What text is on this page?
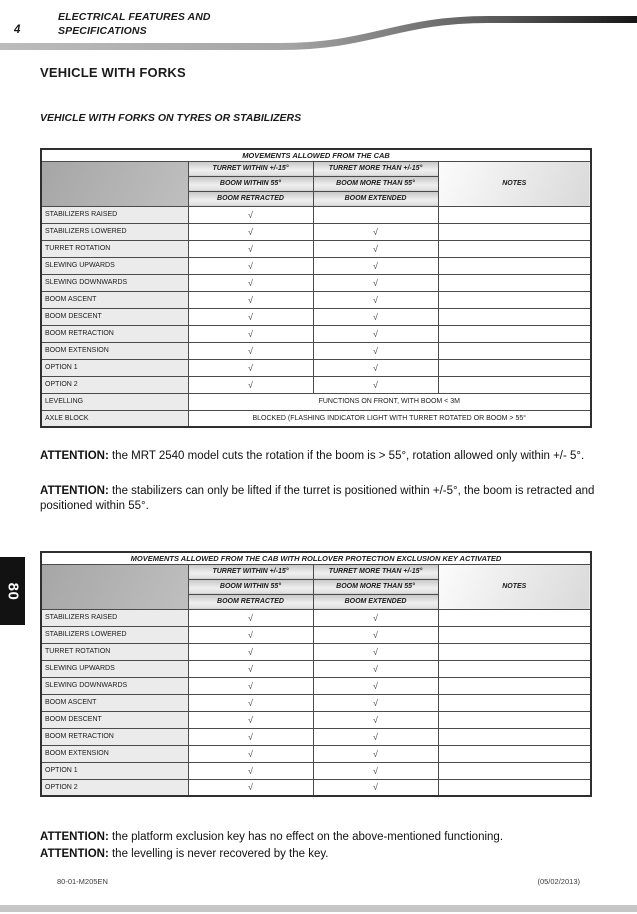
4
ELECTRICAL FEATURES AND
SPECIFICATIONS
80
VEHICLE WITH FORKS
VEHICLE WITH FORKS ON TYRES OR STABILIZERS
MOVEMENTS ALLOWED FROM THE CAB			
	TURRET WITHIN +/-15°	TURRET MORE THAN +/-15°	NOTES
	BOOM WITHIN 55°	BOOM MORE THAN 55°	
	BOOM RETRACTED	BOOM EXTENDED	
STABILIZERS RAISED	√		
STABILIZERS LOWERED	√	√	
TURRET ROTATION	√	√	
SLEWING UPWARDS	√	√	
SLEWING DOWNWARDS	√	√	
BOOM ASCENT	√	√	
BOOM DESCENT	√	√	
BOOM RETRACTION	√	√	
BOOM EXTENSION	√	√	
OPTION 1	√	√	
OPTION 2	√	√	
LEVELLING	FUNCTIONS ON FRONT, WITH BOOM < 3M		
AXLE BLOCK	BLOCKED (FLASHING INDICATOR LIGHT WITH TURRET ROTATED OR BOOM > 55°		

ATTENTION: the MRT 2540 model cuts the rotation if the boom is > 55°, rotation allowed only within +/- 5°.

ATTENTION: the stabilizers can only be lifted if the turret is positioned within +/-5°, the boom is retracted and positioned within 55°.

MOVEMENTS ALLOWED FROM THE CAB WITH ROLLOVER PROTECTION EXCLUSION KEY ACTIVATED			
	TURRET WITHIN +/-15°	TURRET MORE THAN +/-15°	NOTES
	BOOM WITHIN 55°	BOOM MORE THAN 55°	
	BOOM RETRACTED	BOOM EXTENDED	
STABILIZERS RAISED	√	√	
STABILIZERS LOWERED	√	√	
TURRET ROTATION	√	√	
SLEWING UPWARDS	√	√	
SLEWING DOWNWARDS	√	√	
BOOM ASCENT	√	√	
BOOM DESCENT	√	√	
BOOM RETRACTION	√	√	
BOOM EXTENSION	√	√	
OPTION 1	√	√	
OPTION 2	√	√	

ATTENTION: the platform exclusion key has no effect on the above-mentioned functioning.

ATTENTION: the levelling is never recovered by the key.

80-01-M205EN	(05/02/2013)
